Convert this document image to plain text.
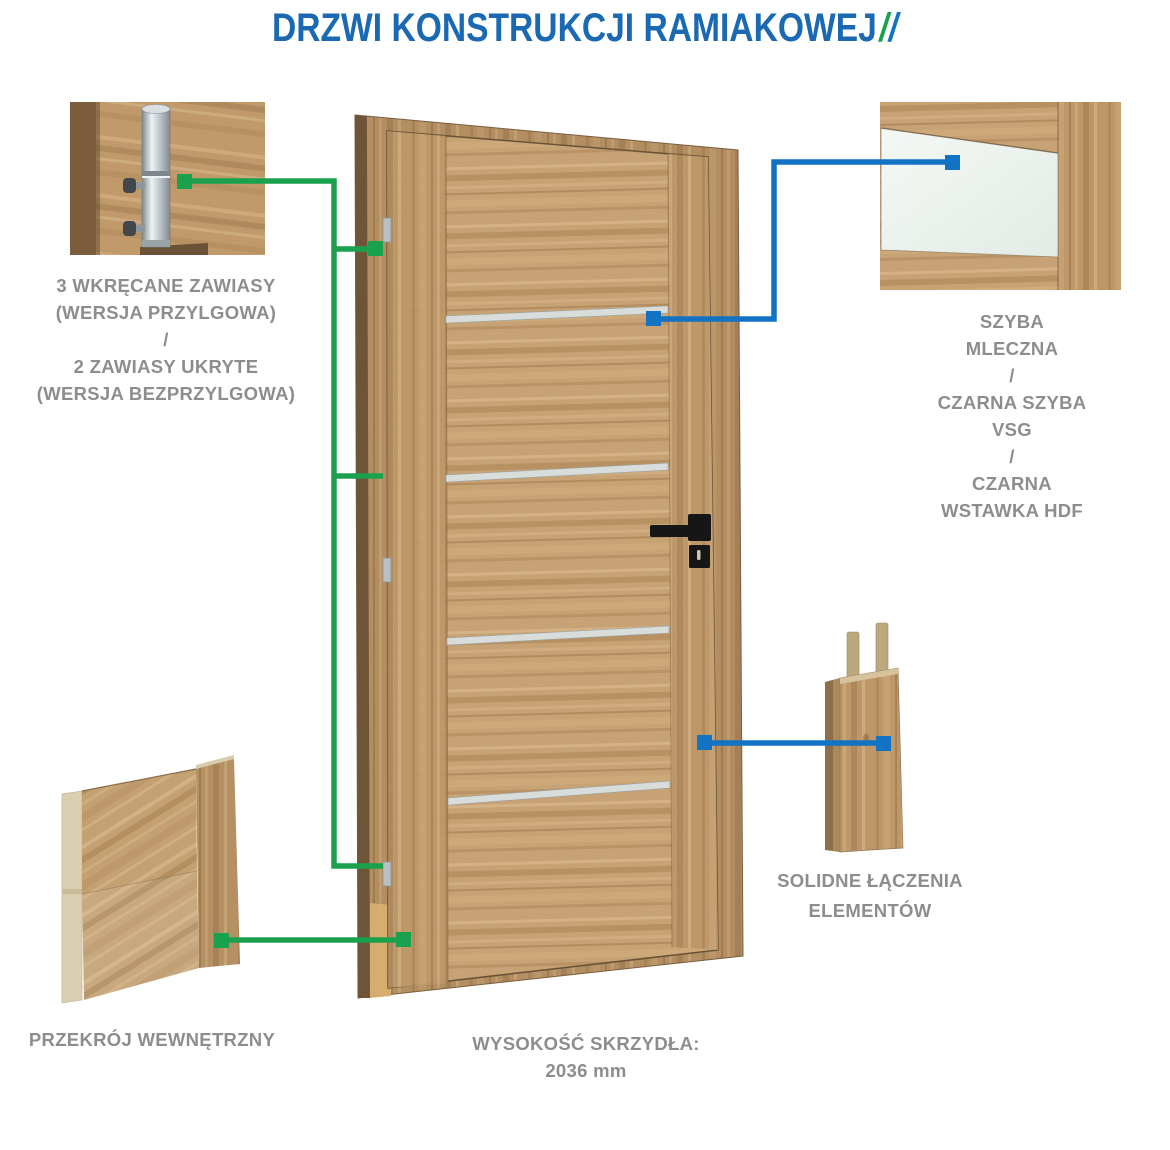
DRZWI KONSTRUKCJI RAMIAKOWEJ//
3 WKRĘCANE ZAWIASY
(WERSJA PRZYLGOWA)
/
2 ZAWIASY UKRYTE
(WERSJA BEZPRZYLGOWA)
SZYBA MLECZNA
/
CZARNA SZYBA VSG
/
CZARNA WSTAWKA HDF
PRZEKRÓJ WEWNĘTRZNY
SOLIDNE ŁĄCZENIA
ELEMENTÓW
WYSOKOŚĆ SKRZYDŁA:
2036 mm
